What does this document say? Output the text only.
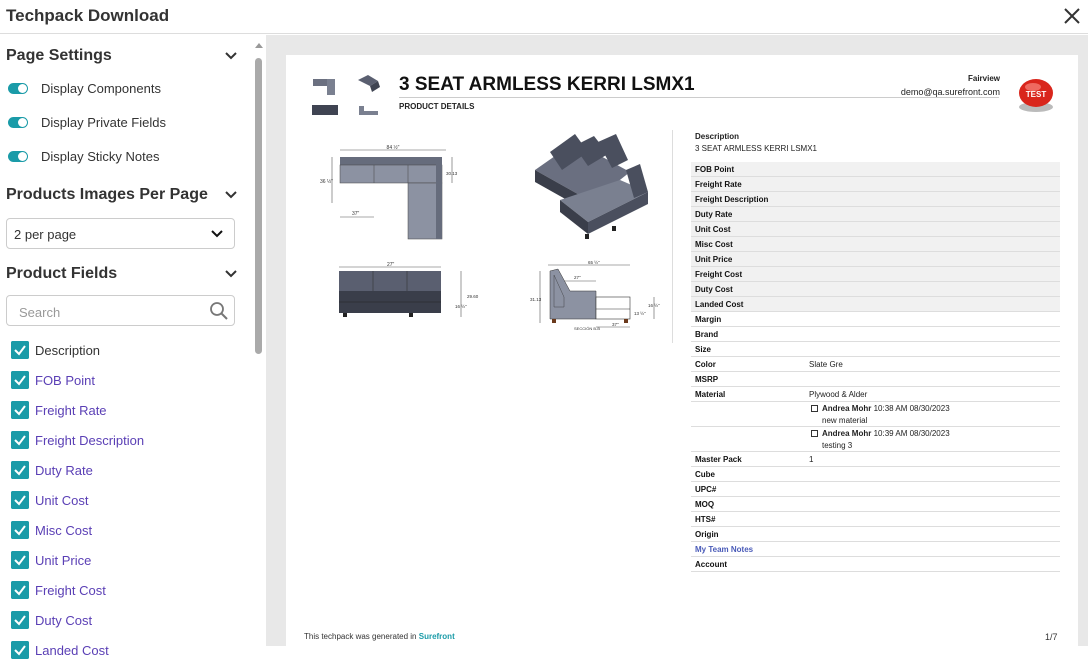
Techpack Download
Page Settings
Display Components
Display Private Fields
Display Sticky Notes
Products Images Per Page
2 per page
Product Fields
Search
Description
FOB Point
Freight Rate
Freight Description
Duty Rate
Unit Cost
Misc Cost
Unit Price
Freight Cost
Duty Cost
Landed Cost
3 SEAT ARMLESS KERRI LSMX1
PRODUCT DETAILS
Fairview
demo@qa.surefront.com	TEST
84 ½"
36 ½"
30.13
37"
27"
29.60
16 ½"
65 ½"
27"
31.13
16 ½"
13 ½"
37"
SECCIÓN B-B
Description
3 SEAT ARMLESS KERRI LSMX1
FOB Point
Freight Rate
Freight Description
Duty Rate
Unit Cost
Misc Cost
Unit Price
Freight Cost
Duty Cost
Landed Cost
Margin
Brand
Size
Color	Slate Gre
MSRP
Material	Plywood & Alder
Andrea Mohr 10:38 AM 08/30/2023
new material
Andrea Mohr 10:39 AM 08/30/2023
testing 3
Master Pack	1
Cube
UPC#
MOQ
HTS#
Origin
My Team Notes
Account
This techpack was generated in Surefront	1/7
